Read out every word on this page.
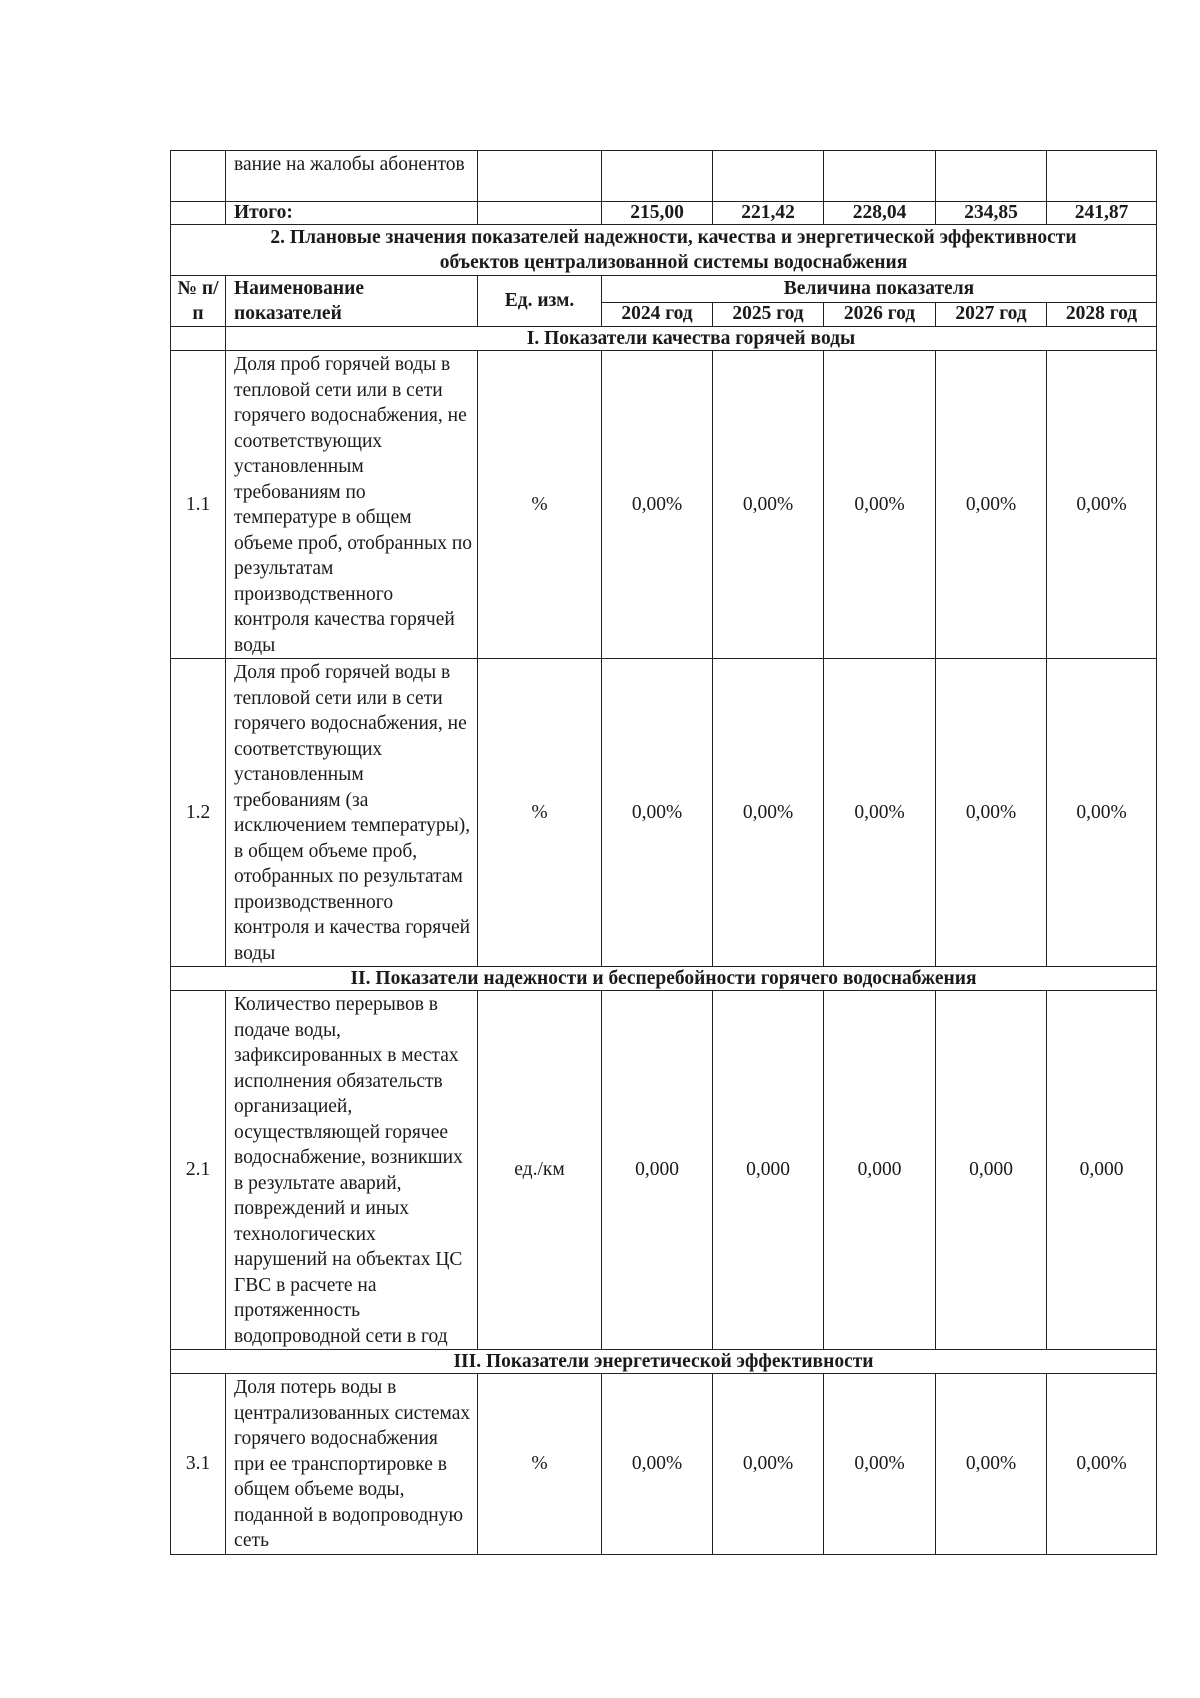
	вание на жалобы абонентов						
	Итого:		215,00	221,42	228,04	234,85	241,87
2. Плановые значения показателей надежности, качества и энергетической эффективности объектов централизованной системы водоснабжения							
№ п/п	Наименование показателей	Ед. изм.	Величина показателя				
			2024 год	2025 год	2026 год	2027 год	2028 год
	I. Показатели качества горячей воды						
1.1	Доля проб горячей воды в тепловой сети или в сети горячего водоснабжения, не соответствующих установленным требованиям по температуре в общем объеме проб, отобранных по результатам производственного контроля качества горячей воды	%	0,00%	0,00%	0,00%	0,00%	0,00%
1.2	Доля проб горячей воды в тепловой сети или в сети горячего водоснабжения, не соответствующих установленным требованиям (за исключением температуры), в общем объеме проб, отобранных по результатам производственного контроля и качества горячей воды	%	0,00%	0,00%	0,00%	0,00%	0,00%
II. Показатели надежности и бесперебойности горячего водоснабжения							
2.1	Количество перерывов в подаче воды, зафиксированных в местах исполнения обязательств организацией, осуществляющей горячее водоснабжение, возникших в результате аварий, повреждений и иных технологических нарушений на объектах ЦС ГВС в расчете на протяженность водопроводной сети в год	ед./км	0,000	0,000	0,000	0,000	0,000
III. Показатели энергетической эффективности							
3.1	Доля потерь воды в централизованных системах горячего водоснабжения при ее транспортировке в общем объеме воды, поданной в водопроводную сеть	%	0,00%	0,00%	0,00%	0,00%	0,00%
